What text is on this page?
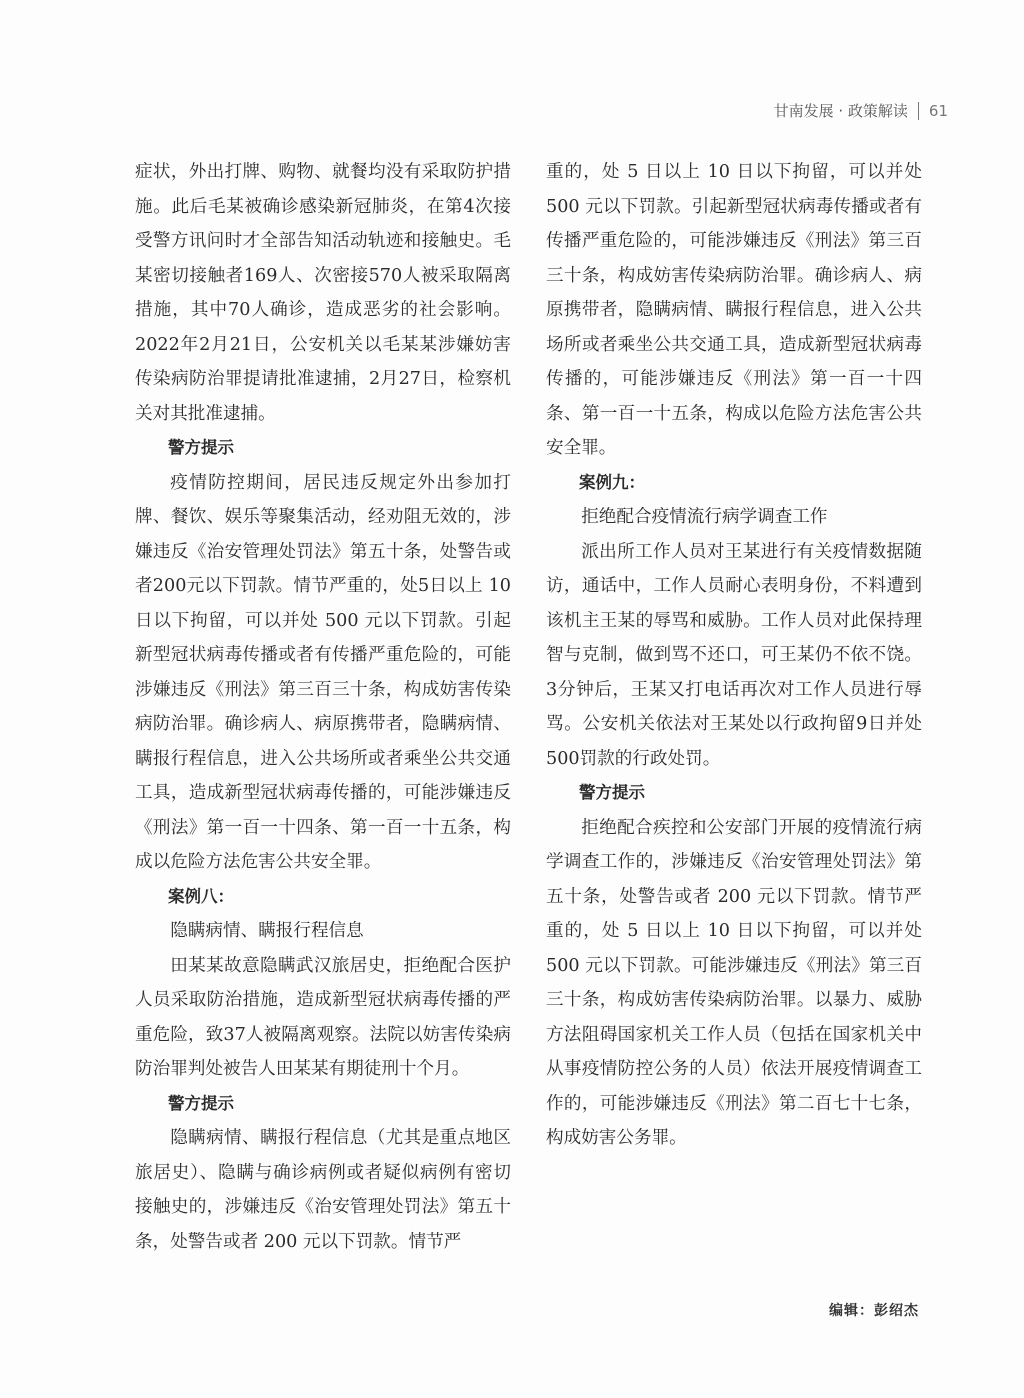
甘南发展 · 政策解读 61

症状，外出打牌、购物、就餐均没有采取防护措施。此后毛某被确诊感染新冠肺炎，在第4次接受警方讯问时才全部告知活动轨迹和接触史。毛某密切接触者169人、次密接570人被采取隔离措施，其中70人确诊，造成恶劣的社会影响。2022年2月21日，公安机关以毛某某涉嫌妨害传染病防治罪提请批准逮捕，2月27日，检察机关对其批准逮捕。

警方提示

疫情防控期间，居民违反规定外出参加打牌、餐饮、娱乐等聚集活动，经劝阻无效的，涉嫌违反《治安管理处罚法》第五十条，处警告或者200元以下罚款。情节严重的，处5日以上 10 日以下拘留，可以并处 500 元以下罚款。引起新型冠状病毒传播或者有传播严重危险的，可能涉嫌违反《刑法》第三百三十条，构成妨害传染病防治罪。确诊病人、病原携带者，隐瞒病情、瞒报行程信息，进入公共场所或者乘坐公共交通工具，造成新型冠状病毒传播的，可能涉嫌违反《刑法》第一百一十四条、第一百一十五条，构成以危险方法危害公共安全罪。

案例八：

隐瞒病情、瞒报行程信息

田某某故意隐瞒武汉旅居史，拒绝配合医护人员采取防治措施，造成新型冠状病毒传播的严重危险，致37人被隔离观察。法院以妨害传染病防治罪判处被告人田某某有期徒刑十个月。

警方提示

隐瞒病情、瞒报行程信息（尤其是重点地区旅居史）、隐瞒与确诊病例或者疑似病例有密切接触史的，涉嫌违反《治安管理处罚法》第五十条，处警告或者 200 元以下罚款。情节严

重的，处 5 日以上 10 日以下拘留，可以并处 500 元以下罚款。引起新型冠状病毒传播或者有传播严重危险的，可能涉嫌违反《刑法》第三百三十条，构成妨害传染病防治罪。确诊病人、病原携带者，隐瞒病情、瞒报行程信息，进入公共场所或者乘坐公共交通工具，造成新型冠状病毒传播的，可能涉嫌违反《刑法》第一百一十四条、第一百一十五条，构成以危险方法危害公共安全罪。

案例九：

拒绝配合疫情流行病学调查工作

派出所工作人员对王某进行有关疫情数据随访，通话中，工作人员耐心表明身份，不料遭到该机主王某的辱骂和威胁。工作人员对此保持理智与克制，做到骂不还口，可王某仍不依不饶。3分钟后，王某又打电话再次对工作人员进行辱骂。公安机关依法对王某处以行政拘留9日并处500罚款的行政处罚。

警方提示

拒绝配合疾控和公安部门开展的疫情流行病学调查工作的，涉嫌违反《治安管理处罚法》第五十条，处警告或者 200 元以下罚款。情节严重的，处 5 日以上 10 日以下拘留，可以并处 500 元以下罚款。可能涉嫌违反《刑法》第三百三十条，构成妨害传染病防治罪。以暴力、威胁方法阻碍国家机关工作人员（包括在国家机关中从事疫情防控公务的人员）依法开展疫情调查工作的，可能涉嫌违反《刑法》第二百七十七条，构成妨害公务罪。

编辑：彭绍杰
